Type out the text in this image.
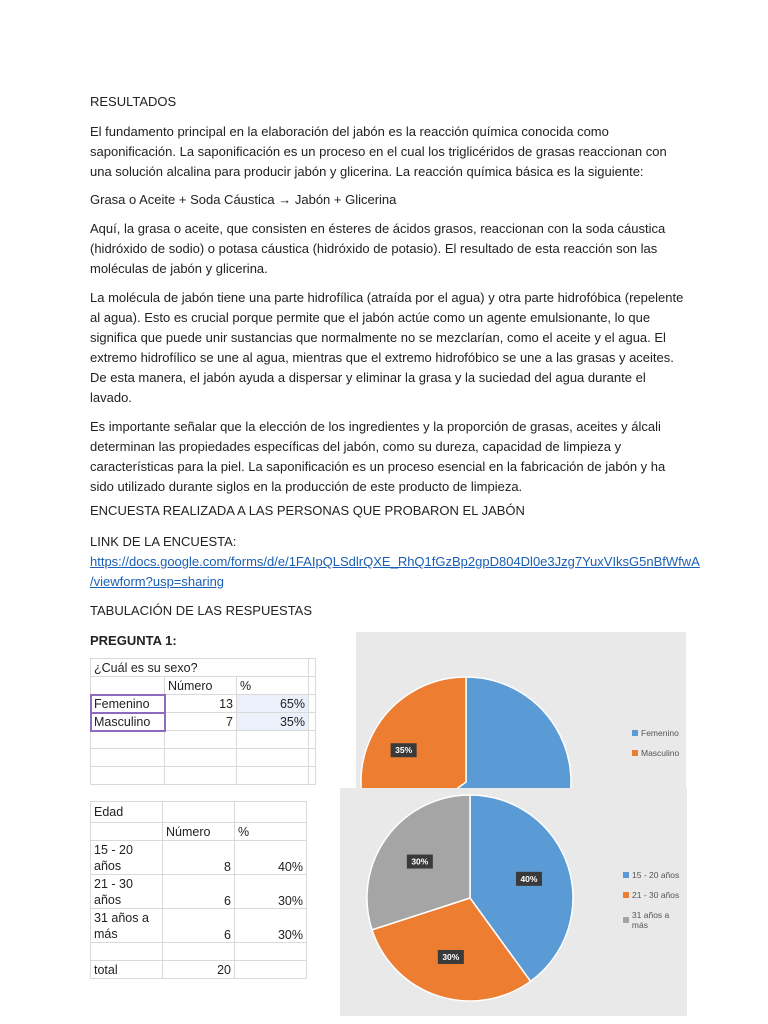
RESULTADOS

El fundamento principal en la elaboración del jabón es la reacción química conocida como saponificación. La saponificación es un proceso en el cual los triglicéridos de grasas reaccionan con una solución alcalina para producir jabón y glicerina. La reacción química básica es la siguiente:

Grasa o Aceite + Soda Cáustica → Jabón + Glicerina

Aquí, la grasa o aceite, que consisten en ésteres de ácidos grasos, reaccionan con la soda cáustica (hidróxido de sodio) o potasa cáustica (hidróxido de potasio). El resultado de esta reacción son las moléculas de jabón y glicerina.

La molécula de jabón tiene una parte hidrofílica (atraída por el agua) y otra parte hidrofóbica (repelente al agua). Esto es crucial porque permite que el jabón actúe como un agente emulsionante, lo que significa que puede unir sustancias que normalmente no se mezclarían, como el aceite y el agua. El extremo hidrofílico se une al agua, mientras que el extremo hidrofóbico se une a las grasas y aceites. De esta manera, el jabón ayuda a dispersar y eliminar la grasa y la suciedad del agua durante el lavado.

Es importante señalar que la elección de los ingredientes y la proporción de grasas, aceites y álcali determinan las propiedades específicas del jabón, como su dureza, capacidad de limpieza y características para la piel. La saponificación es un proceso esencial en la fabricación de jabón y ha sido utilizado durante siglos en la producción de este producto de limpieza.

ENCUESTA REALIZADA A LAS PERSONAS QUE PROBARON EL JABÓN

LINK DE LA ENCUESTA:

https://docs.google.com/forms/d/e/1FAIpQLSdlrQXE_RhQ1fGzBp2gpD804Dl0e3Jzg7YuxVIksG5nBfWfwA
/viewform?usp=sharing

TABULACIÓN DE LAS RESPUESTAS

PREGUNTA 1:

¿Cuál es su sexo?			
	Número	%	
Femenino	13	65%	
Masculino	7	35%	

Edad		
	Número	%
15 - 20
años	8	40%
21 - 30
años	6	30%
31 años a
más	6	30%

total	20	
35%
Femenino
Masculino
40%
30%
30%
15 - 20 años
21 - 30 años
31 años a más
